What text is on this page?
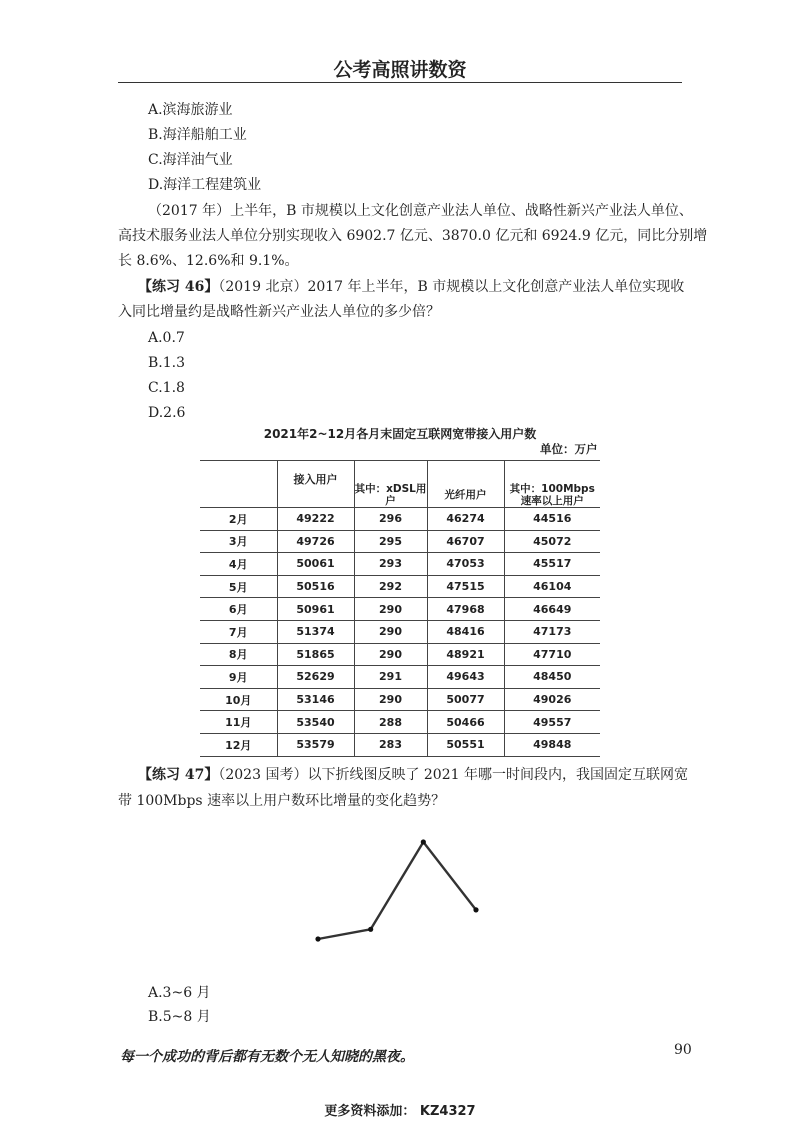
公考高照讲数资
A.滨海旅游业
B.海洋船舶工业
C.海洋油气业
D.海洋工程建筑业
（2017 年）上半年，B 市规模以上文化创意产业法人单位、战略性新兴产业法人单位、
高技术服务业法人单位分别实现收入 6902.7 亿元、3870.0 亿元和 6924.9 亿元，同比分别增
长 8.6%、12.6%和 9.1%。
【练习 46】（2019 北京）2017 年上半年，B 市规模以上文化创意产业法人单位实现收
入同比增量约是战略性新兴产业法人单位的多少倍？
A.0.7
B.1.3
C.1.8
D.2.6
2021年2~12月各月末固定互联网宽带接入用户数
单位：万户
	接入用户			
		其中：xDSL用户	光纤用户	其中：100Mbps速率以上用户
2月	49222	296	46274	44516
3月	49726	295	46707	45072
4月	50061	293	47053	45517
5月	50516	292	47515	46104
6月	50961	290	47968	46649
7月	51374	290	48416	47173
8月	51865	290	48921	47710
9月	52629	291	49643	48450
10月	53146	290	50077	49026
11月	53540	288	50466	49557
12月	53579	283	50551	49848
【练习 47】（2023 国考）以下折线图反映了 2021 年哪一时间段内，我国固定互联网宽
带 100Mbps 速率以上用户数环比增量的变化趋势？
A.3~6 月
B.5~8 月
每一个成功的背后都有无数个无人知晓的黑夜。	90
更多资料添加： KZ4327
